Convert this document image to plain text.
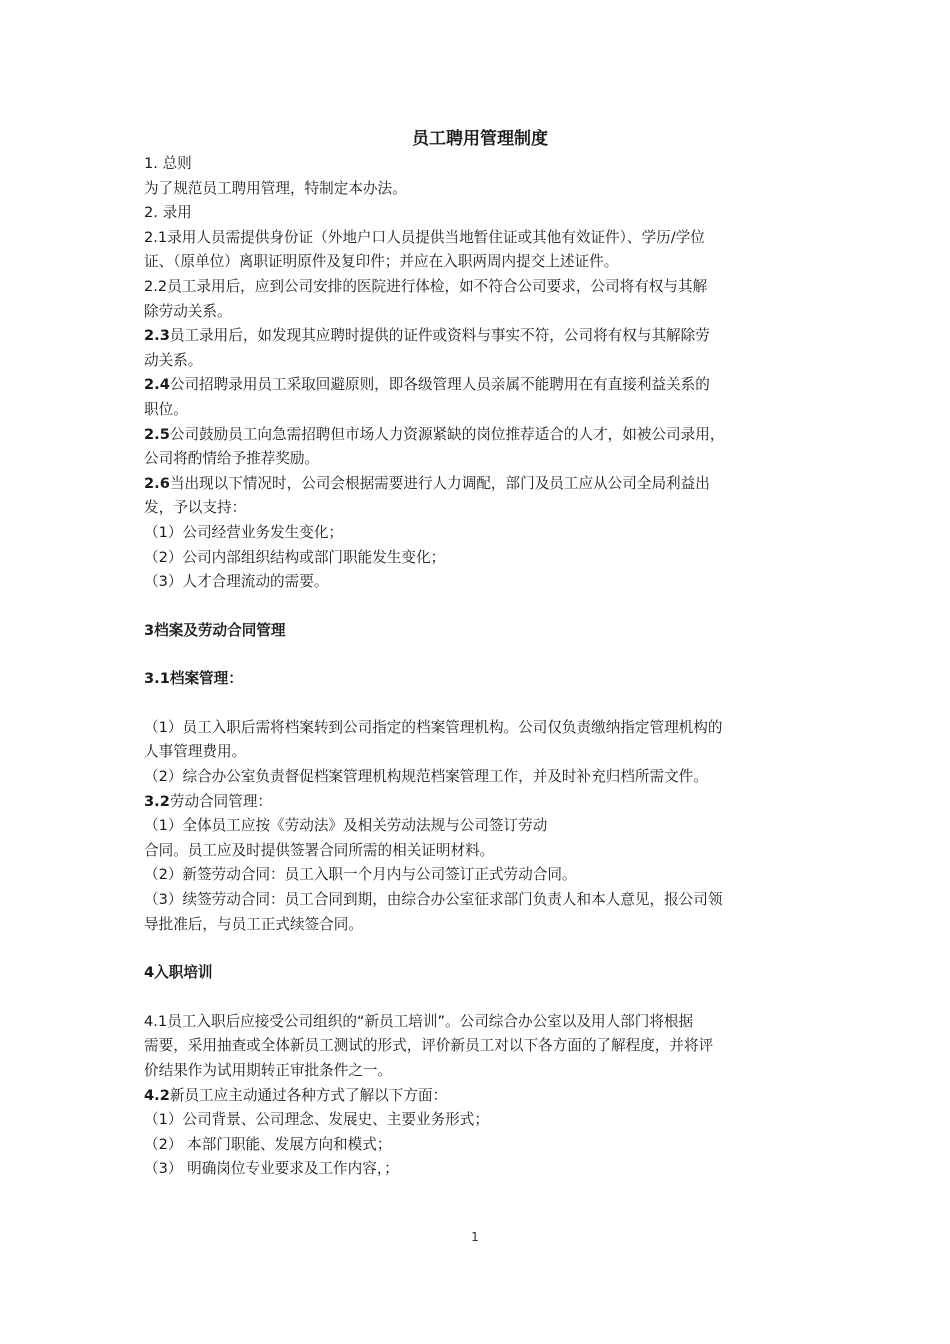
员工聘用管理制度

1. 总则

为了规范员工聘用管理，特制定本办法。

2. 录用

2.1录用人员需提供身份证（外地户口人员提供当地暂住证或其他有效证件）、学历/学位

证、（原单位）离职证明原件及复印件；并应在入职两周内提交上述证件。

2.2员工录用后，应到公司安排的医院进行体检，如不符合公司要求，公司将有权与其解

除劳动关系。

2.3员工录用后，如发现其应聘时提供的证件或资料与事实不符，公司将有权与其解除劳

动关系。

2.4公司招聘录用员工采取回避原则，即各级管理人员亲属不能聘用在有直接利益关系的

职位。

2.5公司鼓励员工向急需招聘但市场人力资源紧缺的岗位推荐适合的人才，如被公司录用，

公司将酌情给予推荐奖励。

2.6当出现以下情况时，公司会根据需要进行人力调配，部门及员工应从公司全局利益出

发，予以支持：

（1）公司经营业务发生变化；

（2）公司内部组织结构或部门职能发生变化；

（3）人才合理流动的需要。

3档案及劳动合同管理

3.1档案管理：

（1）员工入职后需将档案转到公司指定的档案管理机构。公司仅负责缴纳指定管理机构的

人事管理费用。

（2）综合办公室负责督促档案管理机构规范档案管理工作，并及时补充归档所需文件。

3.2劳动合同管理：

（1）全体员工应按《劳动法》及相关劳动法规与公司签订劳动

合同。员工应及时提供签署合同所需的相关证明材料。

（2）新签劳动合同：员工入职一个月内与公司签订正式劳动合同。

（3）续签劳动合同：员工合同到期，由综合办公室征求部门负责人和本人意见，报公司领

导批准后，与员工正式续签合同。

4入职培训

4.1员工入职后应接受公司组织的“新员工培训”。公司综合办公室以及用人部门将根据

需要，采用抽查或全体新员工测试的形式，评价新员工对以下各方面的了解程度，并将评

价结果作为试用期转正审批条件之一。

4.2新员工应主动通过各种方式了解以下方面：

（1）公司背景、公司理念、发展史、主要业务形式；

（2） 本部门职能、发展方向和模式；

（3） 明确岗位专业要求及工作内容，；

1
